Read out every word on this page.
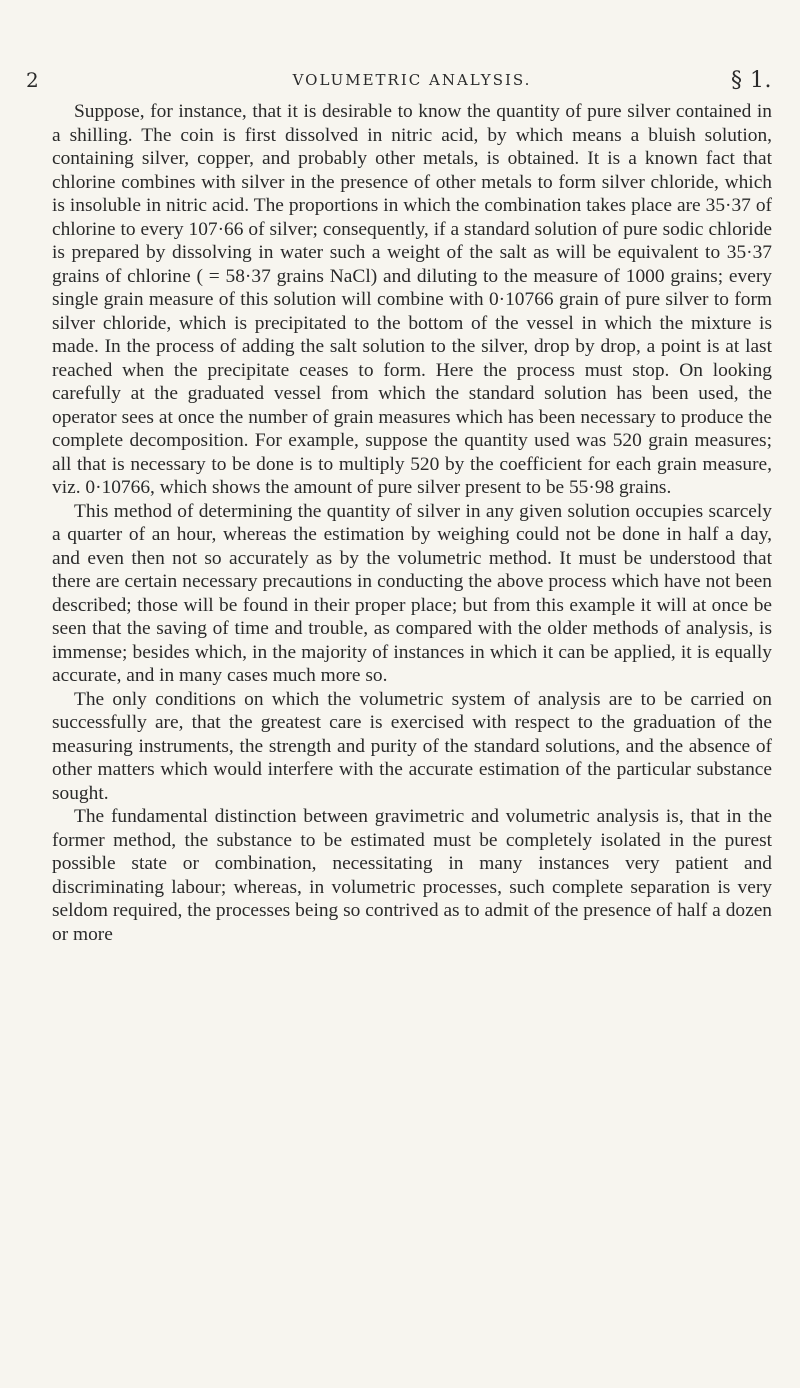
2	VOLUMETRIC ANALYSIS.	§ 1.

Suppose, for instance, that it is desirable to know the quantity of pure silver contained in a shilling. The coin is first dissolved in nitric acid, by which means a bluish solution, containing silver, copper, and probably other metals, is obtained. It is a known fact that chlorine combines with silver in the presence of other metals to form silver chloride, which is insoluble in nitric acid. The proportions in which the combination takes place are 35·37 of chlorine to every 107·66 of silver; consequently, if a standard solution of pure sodic chloride is prepared by dissolving in water such a weight of the salt as will be equivalent to 35·37 grains of chlorine ( = 58·37 grains NaCl) and diluting to the measure of 1000 grains; every single grain measure of this solution will combine with 0·10766 grain of pure silver to form silver chloride, which is precipitated to the bottom of the vessel in which the mixture is made. In the process of adding the salt solution to the silver, drop by drop, a point is at last reached when the precipitate ceases to form. Here the process must stop. On looking carefully at the graduated vessel from which the standard solution has been used, the operator sees at once the number of grain measures which has been necessary to produce the complete decomposition. For example, suppose the quantity used was 520 grain measures; all that is necessary to be done is to multiply 520 by the coefficient for each grain measure, viz. 0·10766, which shows the amount of pure silver present to be 55·98 grains.

This method of determining the quantity of silver in any given solution occupies scarcely a quarter of an hour, whereas the estimation by weighing could not be done in half a day, and even then not so accurately as by the volumetric method. It must be understood that there are certain necessary precautions in conducting the above process which have not been described; those will be found in their proper place; but from this example it will at once be seen that the saving of time and trouble, as compared with the older methods of analysis, is immense; besides which, in the majority of instances in which it can be applied, it is equally accurate, and in many cases much more so.

The only conditions on which the volumetric system of analysis are to be carried on successfully are, that the greatest care is exercised with respect to the graduation of the measuring instruments, the strength and purity of the standard solutions, and the absence of other matters which would interfere with the accurate estimation of the particular substance sought.

The fundamental distinction between gravimetric and volumetric analysis is, that in the former method, the substance to be estimated must be completely isolated in the purest possible state or combination, necessitating in many instances very patient and discriminating labour; whereas, in volumetric processes, such complete separation is very seldom required, the processes being so contrived as to admit of the presence of half a dozen or more
